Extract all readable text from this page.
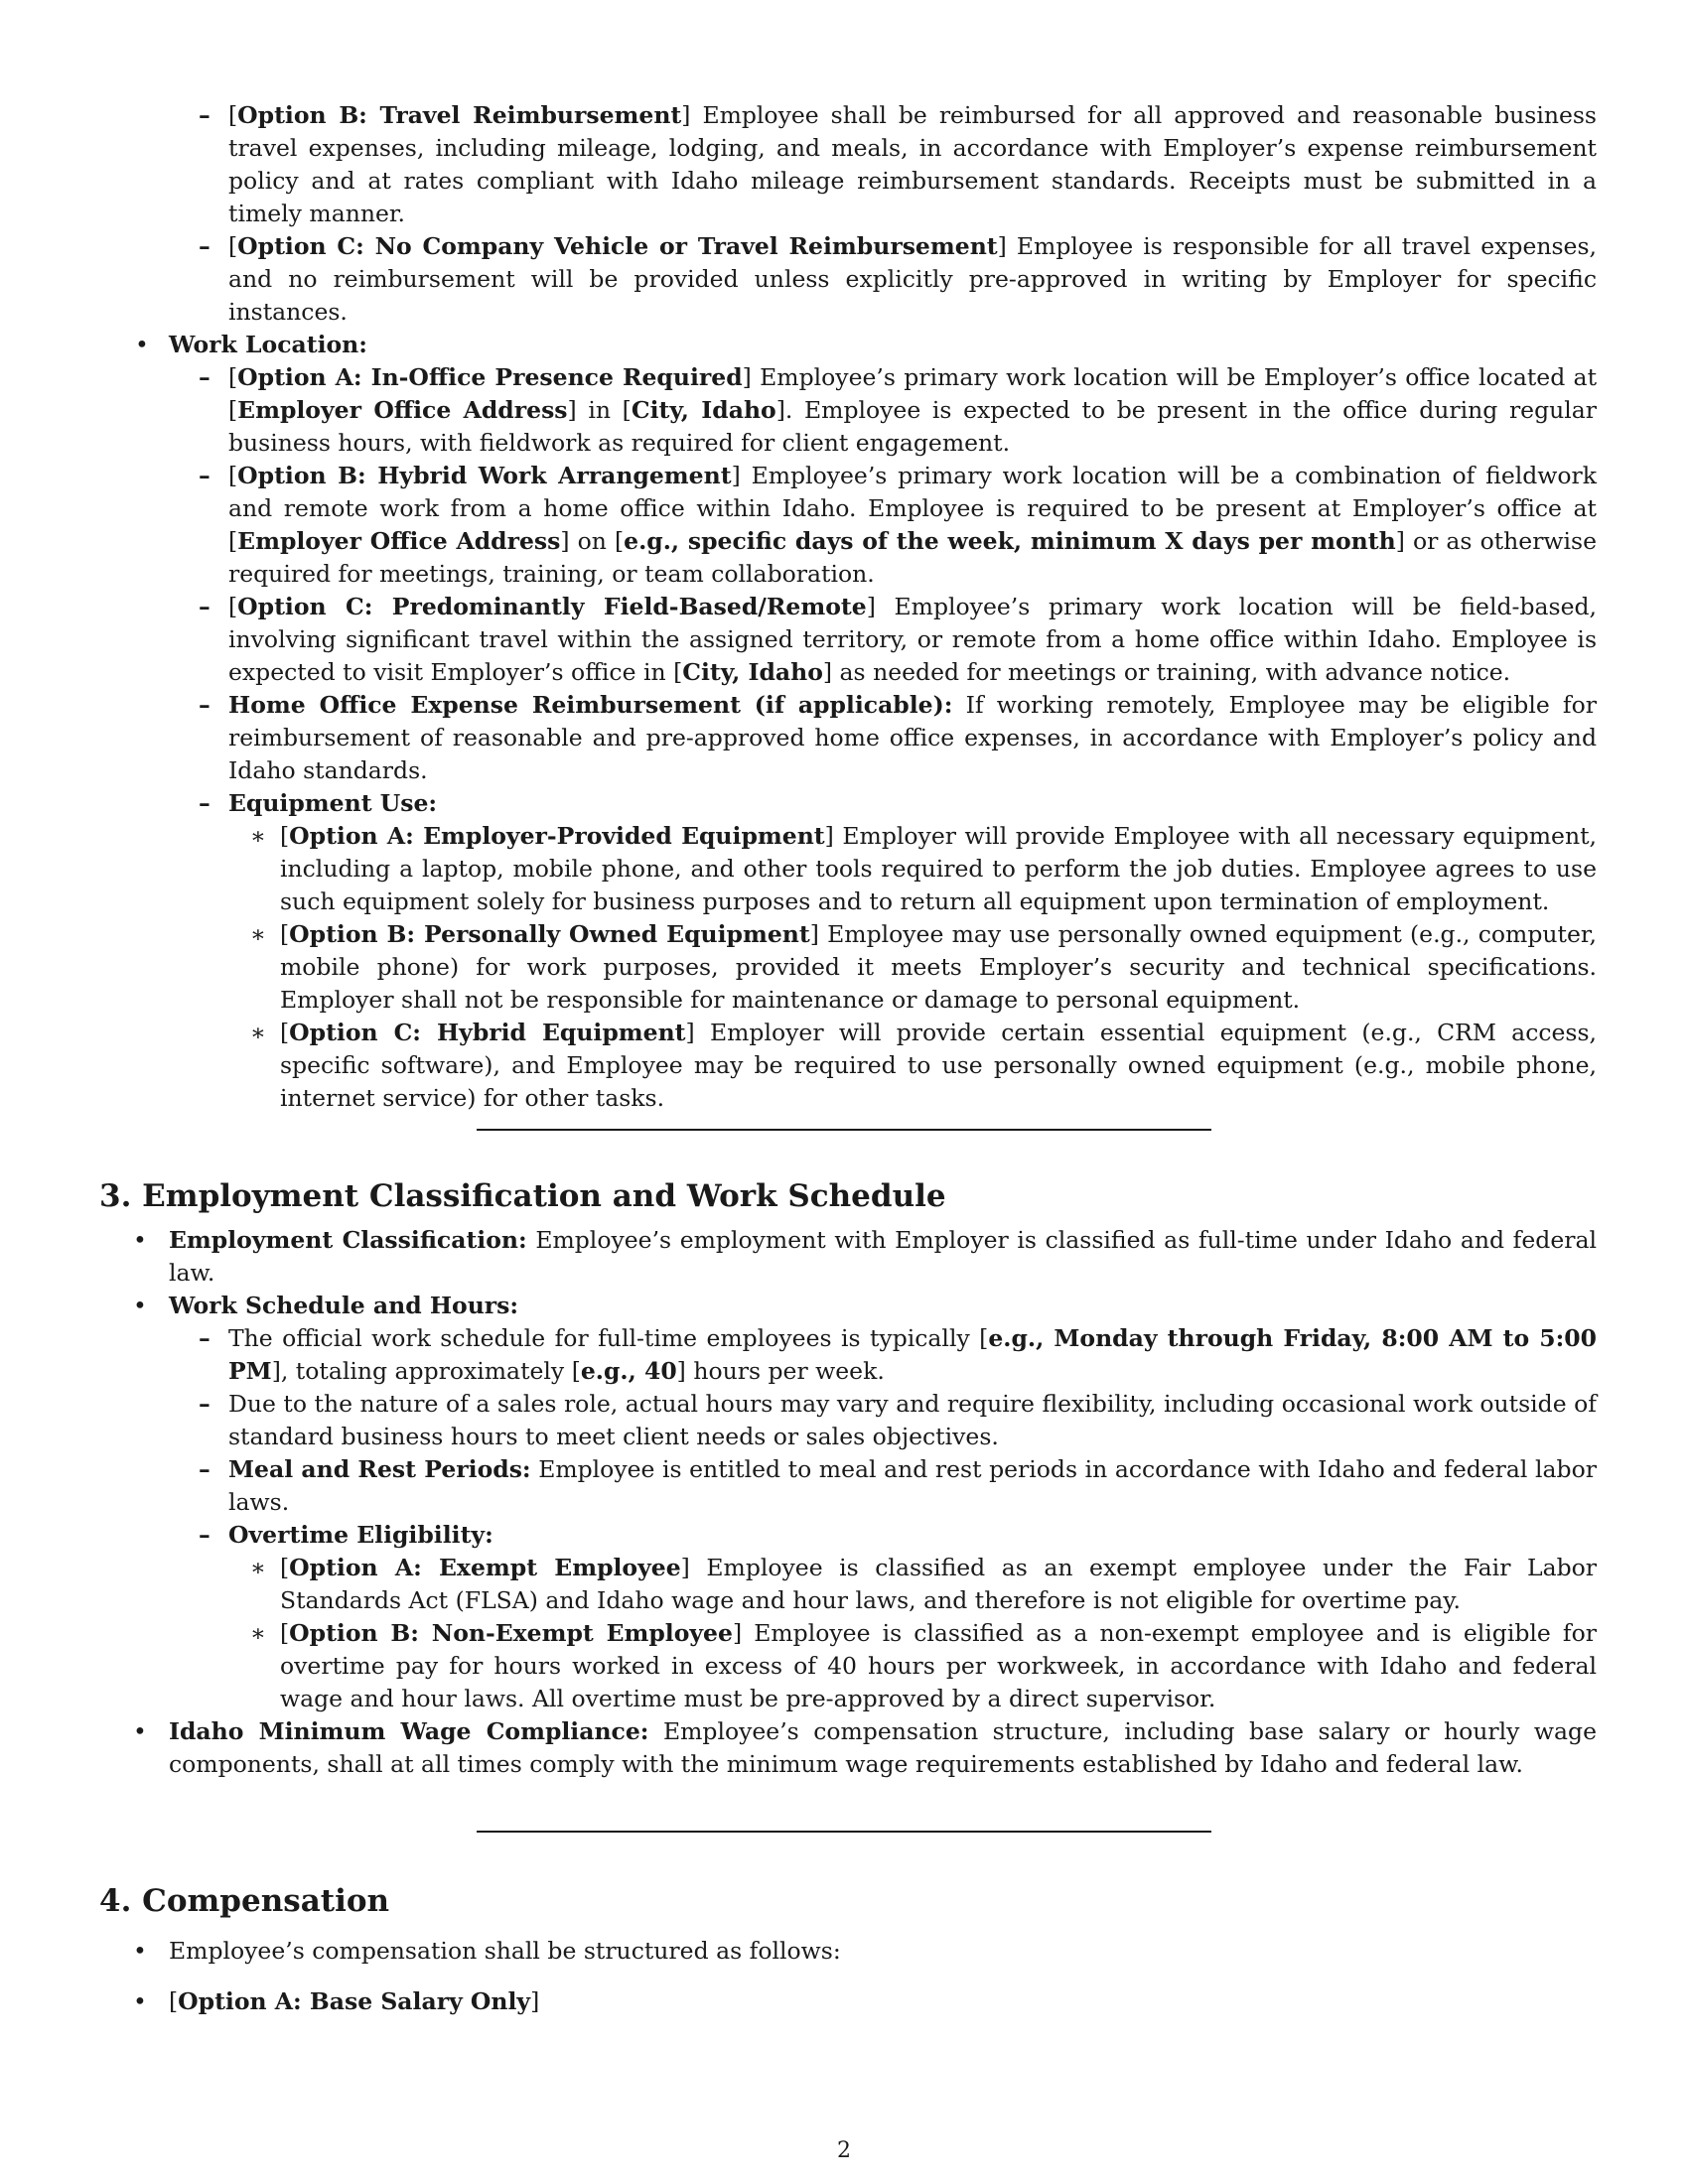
– [Option B: Travel Reimbursement] Employee shall be reimbursed for all approved and reasonable business travel expenses, including mileage, lodging, and meals, in accordance with Employer’s expense reimbursement policy and at rates compliant with Idaho mileage reimbursement standards. Receipts must be submitted in a timely manner.
– [Option C: No Company Vehicle or Travel Reimbursement] Employee is responsible for all travel expenses, and no reimbursement will be provided unless explicitly pre-approved in writing by Employer for specific instances.
• Work Location:
– [Option A: In-Office Presence Required] Employee’s primary work location will be Employer’s office located at [Employer Office Address] in [City, Idaho]. Employee is expected to be present in the office during regular business hours, with fieldwork as required for client engagement.
– [Option B: Hybrid Work Arrangement] Employee’s primary work location will be a combination of fieldwork and remote work from a home office within Idaho. Employee is required to be present at Employer’s office at [Employer Office Address] on [e.g., specific days of the week, minimum X days per month] or as otherwise required for meetings, training, or team collaboration.
– [Option C: Predominantly Field-Based/Remote] Employee’s primary work location will be field-based, involving significant travel within the assigned territory, or remote from a home office within Idaho. Employee is expected to visit Employer’s office in [City, Idaho] as needed for meetings or training, with advance notice.
– Home Office Expense Reimbursement (if applicable): If working remotely, Employee may be eligible for reimbursement of reasonable and pre-approved home office expenses, in accordance with Employer’s policy and Idaho standards.
– Equipment Use:
∗ [Option A: Employer-Provided Equipment] Employer will provide Employee with all necessary equipment, including a laptop, mobile phone, and other tools required to perform the job duties. Employee agrees to use such equipment solely for business purposes and to return all equipment upon termination of employment.
∗ [Option B: Personally Owned Equipment] Employee may use personally owned equipment (e.g., computer, mobile phone) for work purposes, provided it meets Employer’s security and technical specifications. Employer shall not be responsible for maintenance or damage to personal equipment.
∗ [Option C: Hybrid Equipment] Employer will provide certain essential equipment (e.g., CRM access, specific software), and Employee may be required to use personally owned equipment (e.g., mobile phone, internet service) for other tasks.
3. Employment Classification and Work Schedule
• Employment Classification: Employee’s employment with Employer is classified as full-time under Idaho and federal law.
• Work Schedule and Hours:
– The official work schedule for full-time employees is typically [e.g., Monday through Friday, 8:00 AM to 5:00 PM], totaling approximately [e.g., 40] hours per week.
– Due to the nature of a sales role, actual hours may vary and require flexibility, including occasional work outside of standard business hours to meet client needs or sales objectives.
– Meal and Rest Periods: Employee is entitled to meal and rest periods in accordance with Idaho and federal labor laws.
– Overtime Eligibility:
∗ [Option A: Exempt Employee] Employee is classified as an exempt employee under the Fair Labor Standards Act (FLSA) and Idaho wage and hour laws, and therefore is not eligible for overtime pay.
∗ [Option B: Non-Exempt Employee] Employee is classified as a non-exempt employee and is eligible for overtime pay for hours worked in excess of 40 hours per workweek, in accordance with Idaho and federal wage and hour laws. All overtime must be pre-approved by a direct supervisor.
• Idaho Minimum Wage Compliance: Employee’s compensation structure, including base salary or hourly wage components, shall at all times comply with the minimum wage requirements established by Idaho and federal law.
4. Compensation
• Employee’s compensation shall be structured as follows:
• [Option A: Base Salary Only]
2
